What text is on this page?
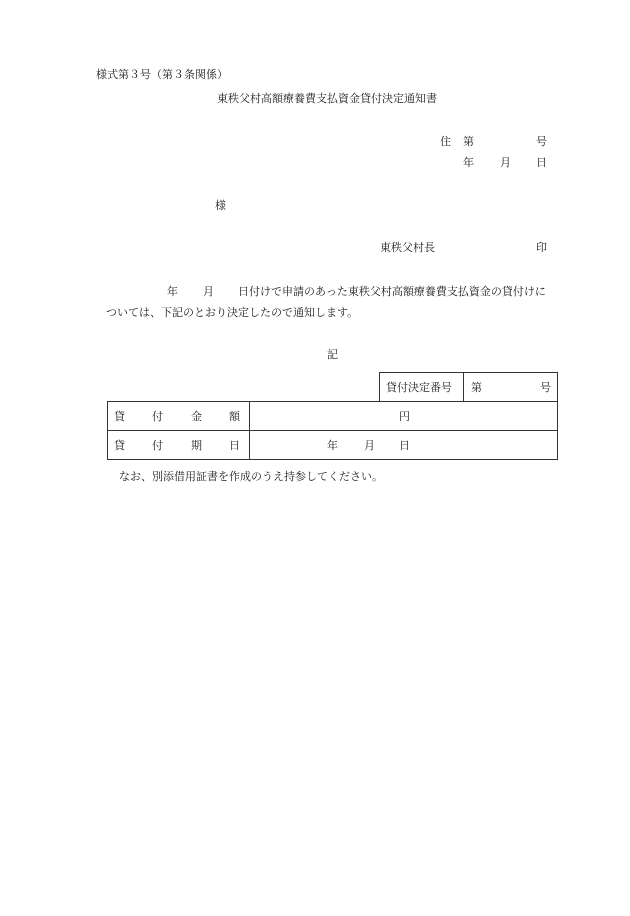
様式第３号（第３条関係）
東秩父村高額療養費支払資金貸付決定通知書
住 第	号
年 月 日
様
東秩父村長	印
年 月 日付けで申請のあった東秩父村高額療養費支払資金の貸付けに
ついては、下記のとおり決定したので通知します。
記
貸付決定番号	第	号
貸 付 金 額	円

貸 付 期 日	年 月 日
なお、別添借用証書を作成のうえ持参してください。
